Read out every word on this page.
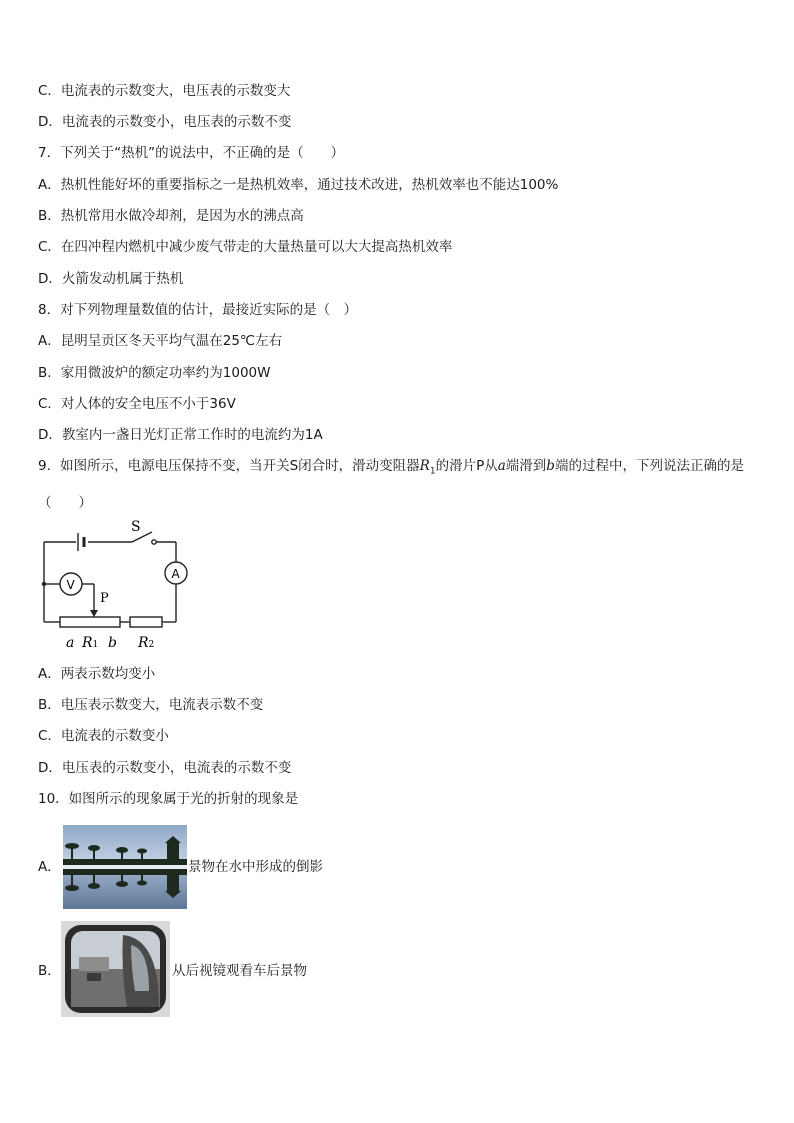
C．电流表的示数变大，电压表的示数变大
D．电流表的示数变小，电压表的示数不变
7．下列关于“热机”的说法中，不正确的是（　　）
A．热机性能好坏的重要指标之一是热机效率，通过技术改进，热机效率也不能达100%
B．热机常用水做冷却剂，是因为水的沸点高
C．在四冲程内燃机中减少废气带走的大量热量可以大大提高热机效率
D．火箭发动机属于热机
8．对下列物理量数值的估计，最接近实际的是（　）
A．昆明呈贡区冬天平均气温在25℃左右
B．家用微波炉的额定功率约为1000W
C．对人体的安全电压不小于36V
D．教室内一盏日光灯正常工作时的电流约为1A
9．如图所示，电源电压保持不变，当开关S闭合时，滑动变阻器$R_1$的滑片P从a端滑到b端的过程中，下列说法正确的是（　　）
S
V
A
P
a R1 b R2
A．两表示数均变小
B．电压表示数变大，电流表示数不变
C．电流表的示数变小
D．电压表的示数变小，电流表的示数不变
10．如图所示的现象属于光的折射的现象是
A．	景物在水中形成的倒影
B．	从后视镜观看车后景物
